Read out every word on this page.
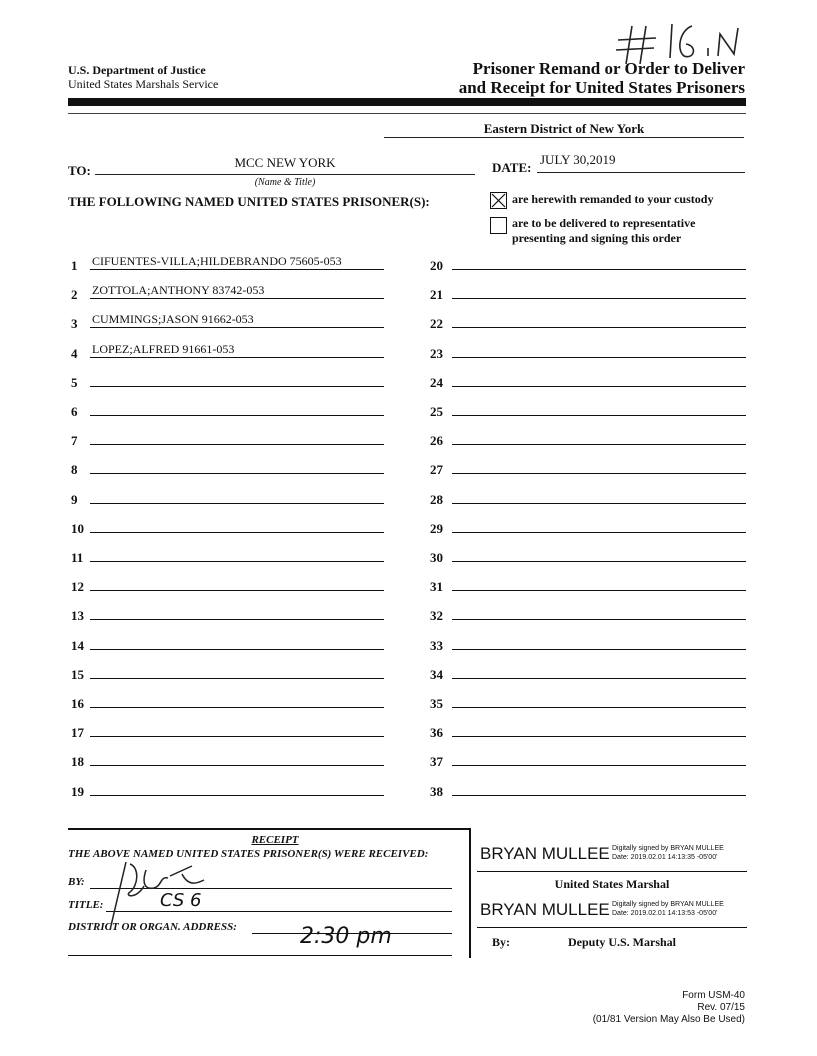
U.S. Department of Justice
United States Marshals Service
Prisoner Remand or Order to Deliver
and Receipt for United States Prisoners
Eastern District of New York
TO:
MCC NEW YORK
(Name & Title)
DATE:
JULY 30,2019
THE FOLLOWING NAMED UNITED STATES PRISONER(S):	are herewith remanded to your custody
are to be delivered to representative presenting and signing this order
1 CIFUENTES-VILLA;HILDEBRANDO 75605-053
2 ZOTTOLA;ANTHONY 83742-053
3 CUMMINGS;JASON 91662-053
4 LOPEZ;ALFRED 91661-053
5
6
7
8
9
10
11
12
13
14
15
16
17
18
19
20
21
22
23
24
25
26
27
28
29
30
31
32
33
34
35
36
37
38
RECEIPT
THE ABOVE NAMED UNITED STATES PRISONER(S) WERE RECEIVED:
BY:
TITLE:	CS 6
DISTRICT OR ORGAN. ADDRESS:	2:30 pm
BRYAN MULLEE Digitally signed by BRYAN MULLEE
Date: 2019.02.01 14:13:35 -05'00'
United States Marshal
BRYAN MULLEE Digitally signed by BRYAN MULLEE
Date: 2019.02.01 14:13:53 -05'00'
By:	Deputy U.S. Marshal
Form USM-40
Rev. 07/15
(01/81 Version May Also Be Used)
